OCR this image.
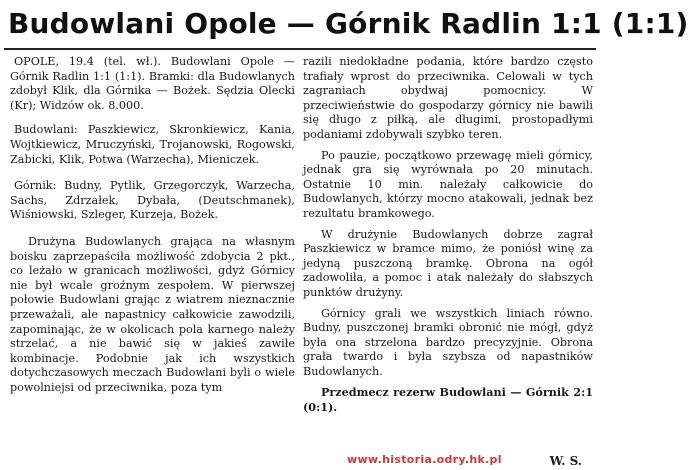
Budowlani Opole — Górnik Radlin 1:1 (1:1)

OPOLE, 19.4 (tel. wł.). Budowlani Opole — Górnik Radlin 1:1 (1:1). Bramki: dla Budowlanych zdobył Klik, dla Górnika — Bożek. Sędzia Olecki (Kr); Widzów ok. 8.000.

Budowlani: Paszkiewicz, Skronkiewicz, Kania, Wojtkiewicz, Mruczyński, Trojanowski, Rogowski, Zabicki, Klik, Potwa (Warzecha), Mieniczek.

Górnik: Budny, Pytlik, Grzegorczyk, Warzecha, Sachs, Zdrzałek, Dybała, (Deutschmanek), Wiśniowski, Szleger, Kurzeja, Bożek.

Drużyna Budowlanych grająca na własnym boisku zaprzepaściła możliwość zdobycia 2 pkt., co leżało w granicach możliwości, gdyż Górnicy nie był wcale groźnym zespołem. W pierwszej połowie Budowlani grając z wiatrem nieznacznie przeważali, ale napastnicy całkowicie zawodzili, zapominając, że w okolicach pola karnego należy strzelać, a nie bawić się w jakieś zawiłe kombinacje. Podobnie jak ich wszystkich dotychczasowych meczach Budowlani byli o wiele powolniejsi od przeciwnika, poza tym

razili niedokładne podania, które bardzo często trafiały wprost do przeciwnika. Celowali w tych zagraniach obydwaj pomocnicy. W przeciwieństwie do gospodarzy górnicy nie bawili się długo z piłką, ale długimi, prostopadłymi podaniami zdobywali szybko teren.

Po pauzie, początkowo przewagę mieli górnicy, jednak gra się wyrównała po 20 minutach. Ostatnie 10 min. należały całkowicie do Budowlanych, którzy mocno atakowali, jednak bez rezultatu bramkowego.

W drużynie Budowlanych dobrze zagrał Paszkiewicz w bramce mimo, że poniósł winę za jedyną puszczoną bramkę. Obrona na ogół zadowoliła, a pomoc i atak należały do słabszych punktów drużyny.

Górnicy grali we wszystkich liniach równo. Budny, puszczonej bramki obronić nie mógł, gdyż była ona strzelona bardzo precyzyjnie. Obrona grała twardo i była szybsza od napastników Budowlanych.

Przedmecz rezerw Budowlani — Górnik 2:1 (0:1).

www.historia.odry.hk.pl	W. S.
